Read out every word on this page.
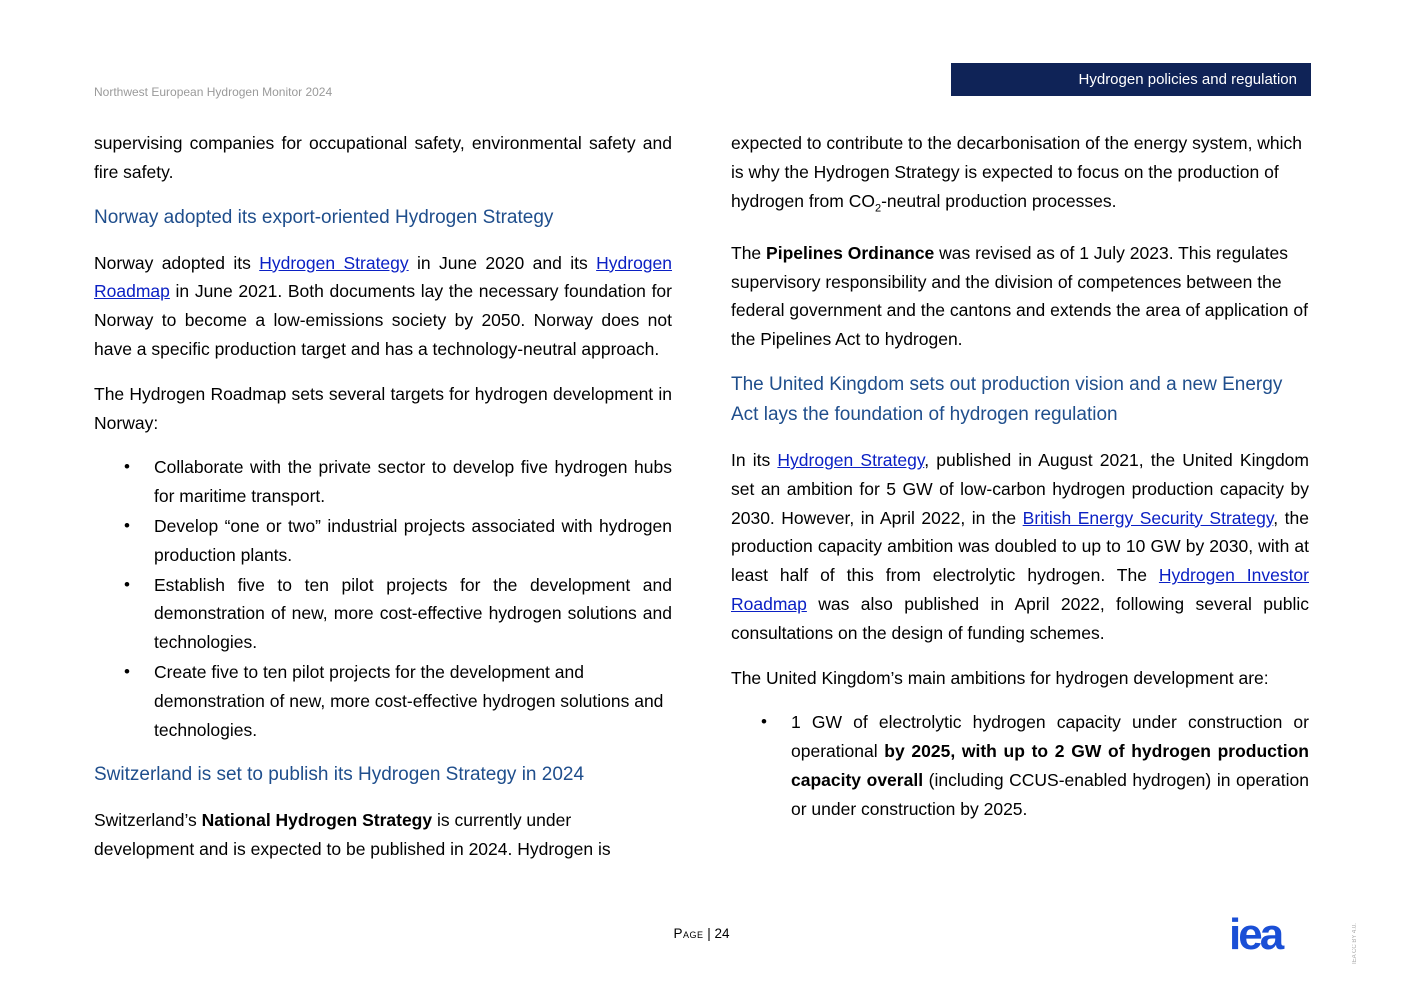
Northwest European Hydrogen Monitor 2024
Hydrogen policies and regulation

supervising companies for occupational safety, environmental safety and fire safety.

Norway adopted its export-oriented Hydrogen Strategy

Norway adopted its Hydrogen Strategy in June 2020 and its Hydrogen Roadmap in June 2021. Both documents lay the necessary foundation for Norway to become a low-emissions society by 2050. Norway does not have a specific production target and has a technology-neutral approach.

The Hydrogen Roadmap sets several targets for hydrogen development in Norway:

• Collaborate with the private sector to develop five hydrogen hubs for maritime transport.
• Develop “one or two” industrial projects associated with hydrogen production plants.
• Establish five to ten pilot projects for the development and demonstration of new, more cost-effective hydrogen solutions and technologies.
• Create five to ten pilot projects for the development and demonstration of new, more cost-effective hydrogen solutions and technologies.
Switzerland is set to publish its Hydrogen Strategy in 2024

Switzerland’s National Hydrogen Strategy is currently under development and is expected to be published in 2024. Hydrogen is

expected to contribute to the decarbonisation of the energy system, which is why the Hydrogen Strategy is expected to focus on the production of hydrogen from $CO_2$-neutral production processes.

The Pipelines Ordinance was revised as of 1 July 2023. This regulates supervisory responsibility and the division of competences between the federal government and the cantons and extends the area of application of the Pipelines Act to hydrogen.

The United Kingdom sets out production vision and a new Energy Act lays the foundation of hydrogen regulation

In its Hydrogen Strategy, published in August 2021, the United Kingdom set an ambition for 5 GW of low-carbon hydrogen production capacity by 2030. However, in April 2022, in the British Energy Security Strategy, the production capacity ambition was doubled to up to 10 GW by 2030, with at least half of this from electrolytic hydrogen. The Hydrogen Investor Roadmap was also published in April 2022, following several public consultations on the design of funding schemes.

The United Kingdom’s main ambitions for hydrogen development are:

• 1 GW of electrolytic hydrogen capacity under construction or operational by 2025, with up to 2 GW of hydrogen production capacity overall (including CCUS-enabled hydrogen) in operation or under construction by 2025.
Page | 24	iea	IEA CC BY 4.0.
